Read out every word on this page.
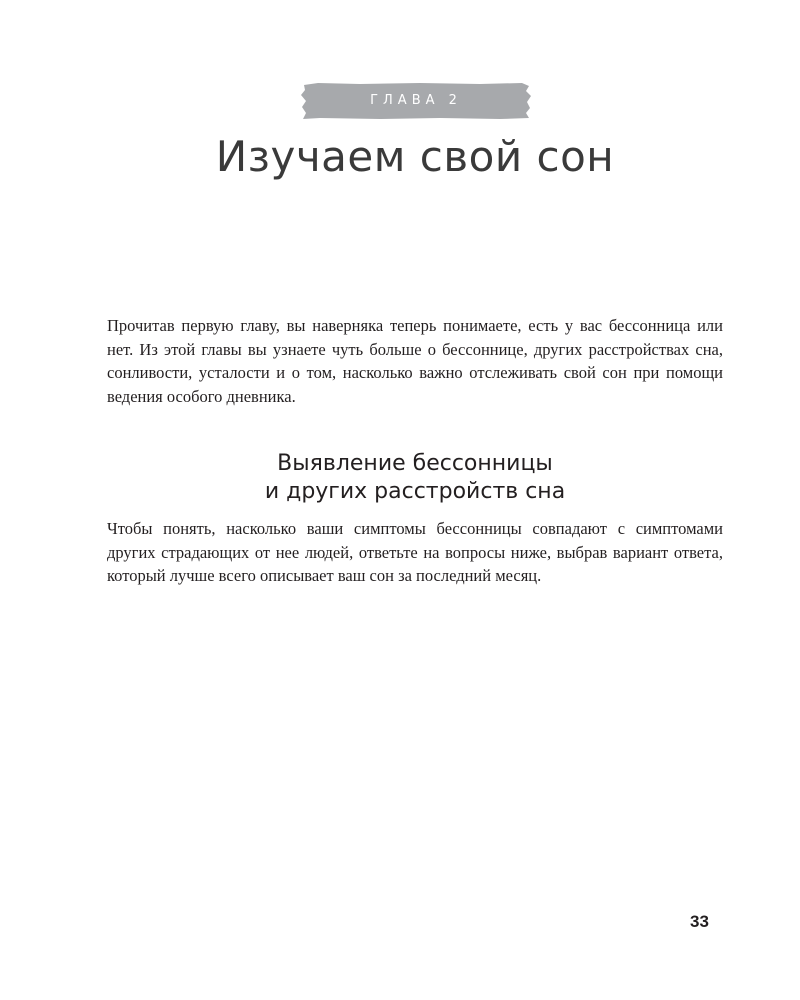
ГЛАВА 2
Изучаем свой сон

Прочитав первую главу, вы наверняка теперь понимаете, есть у вас бессонница или нет. Из этой главы вы узнаете чуть больше о бессоннице, других расстройствах сна, сонливости, усталости и о том, насколько важно отслеживать свой сон при помощи ведения особого дневника.

Выявление бессонницы
и других расстройств сна

Чтобы понять, насколько ваши симптомы бессонницы совпадают с симптомами других страдающих от нее людей, ответьте на вопросы ниже, выбрав вариант ответа, который лучше всего описывает ваш сон за последний месяц.

33
